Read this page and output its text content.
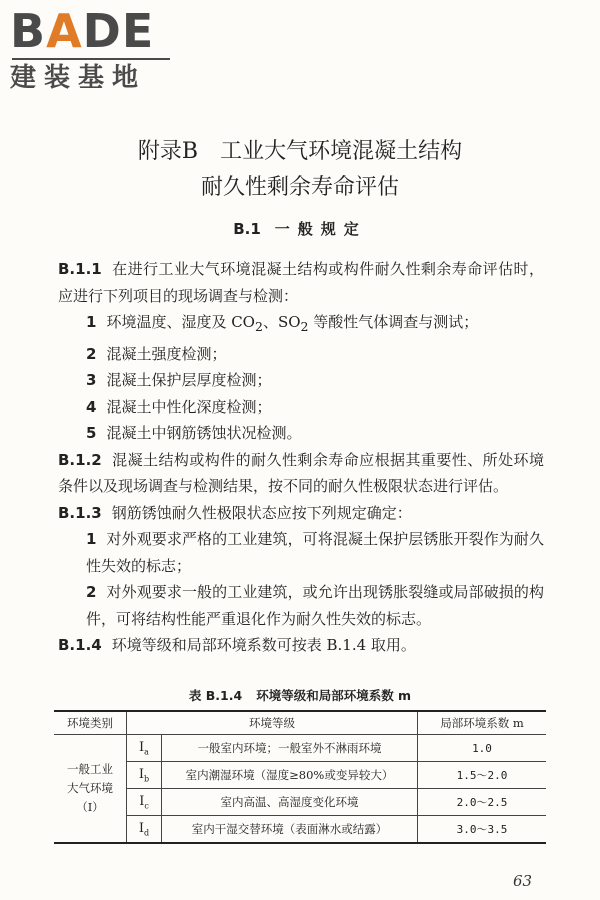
BADE
建装基地
附录B　工业大气环境混凝土结构
耐久性剩余寿命评估
B.1 一般规定

B.1.1 在进行工业大气环境混凝土结构或构件耐久性剩余寿命评估时，应进行下列项目的现场调查与检测：

1 环境温度、湿度及 $CO_2$、$SO_2$ 等酸性气体调查与测试；

2 混凝土强度检测；

3 混凝土保护层厚度检测；

4 混凝土中性化深度检测；

5 混凝土中钢筋锈蚀状况检测。

B.1.2 混凝土结构或构件的耐久性剩余寿命应根据其重要性、所处环境条件以及现场调查与检测结果，按不同的耐久性极限状态进行评估。

B.1.3 钢筋锈蚀耐久性极限状态应按下列规定确定：

1 对外观要求严格的工业建筑，可将混凝土保护层锈胀开裂作为耐久性失效的标志；

2 对外观要求一般的工业建筑，或允许出现锈胀裂缝或局部破损的构件，可将结构性能严重退化作为耐久性失效的标志。

B.1.4 环境等级和局部环境系数可按表 B.1.4 取用。

表 B.1.4 环境等级和局部环境系数 m
环境类别	环境等级		局部环境系数 m

一般工业
大气环境
（Ⅰ）	$Ⅰ_a$	一般室内环境；一般室外不淋雨环境	1.0
	$Ⅰ_b$	室内潮湿环境（湿度≥80%或变异较大）	1.5～2.0
	$Ⅰ_c$	室内高温、高湿度变化环境	2.0～2.5
	$Ⅰ_d$	室内干湿交替环境（表面淋水或结露）	3.0～3.5
63
